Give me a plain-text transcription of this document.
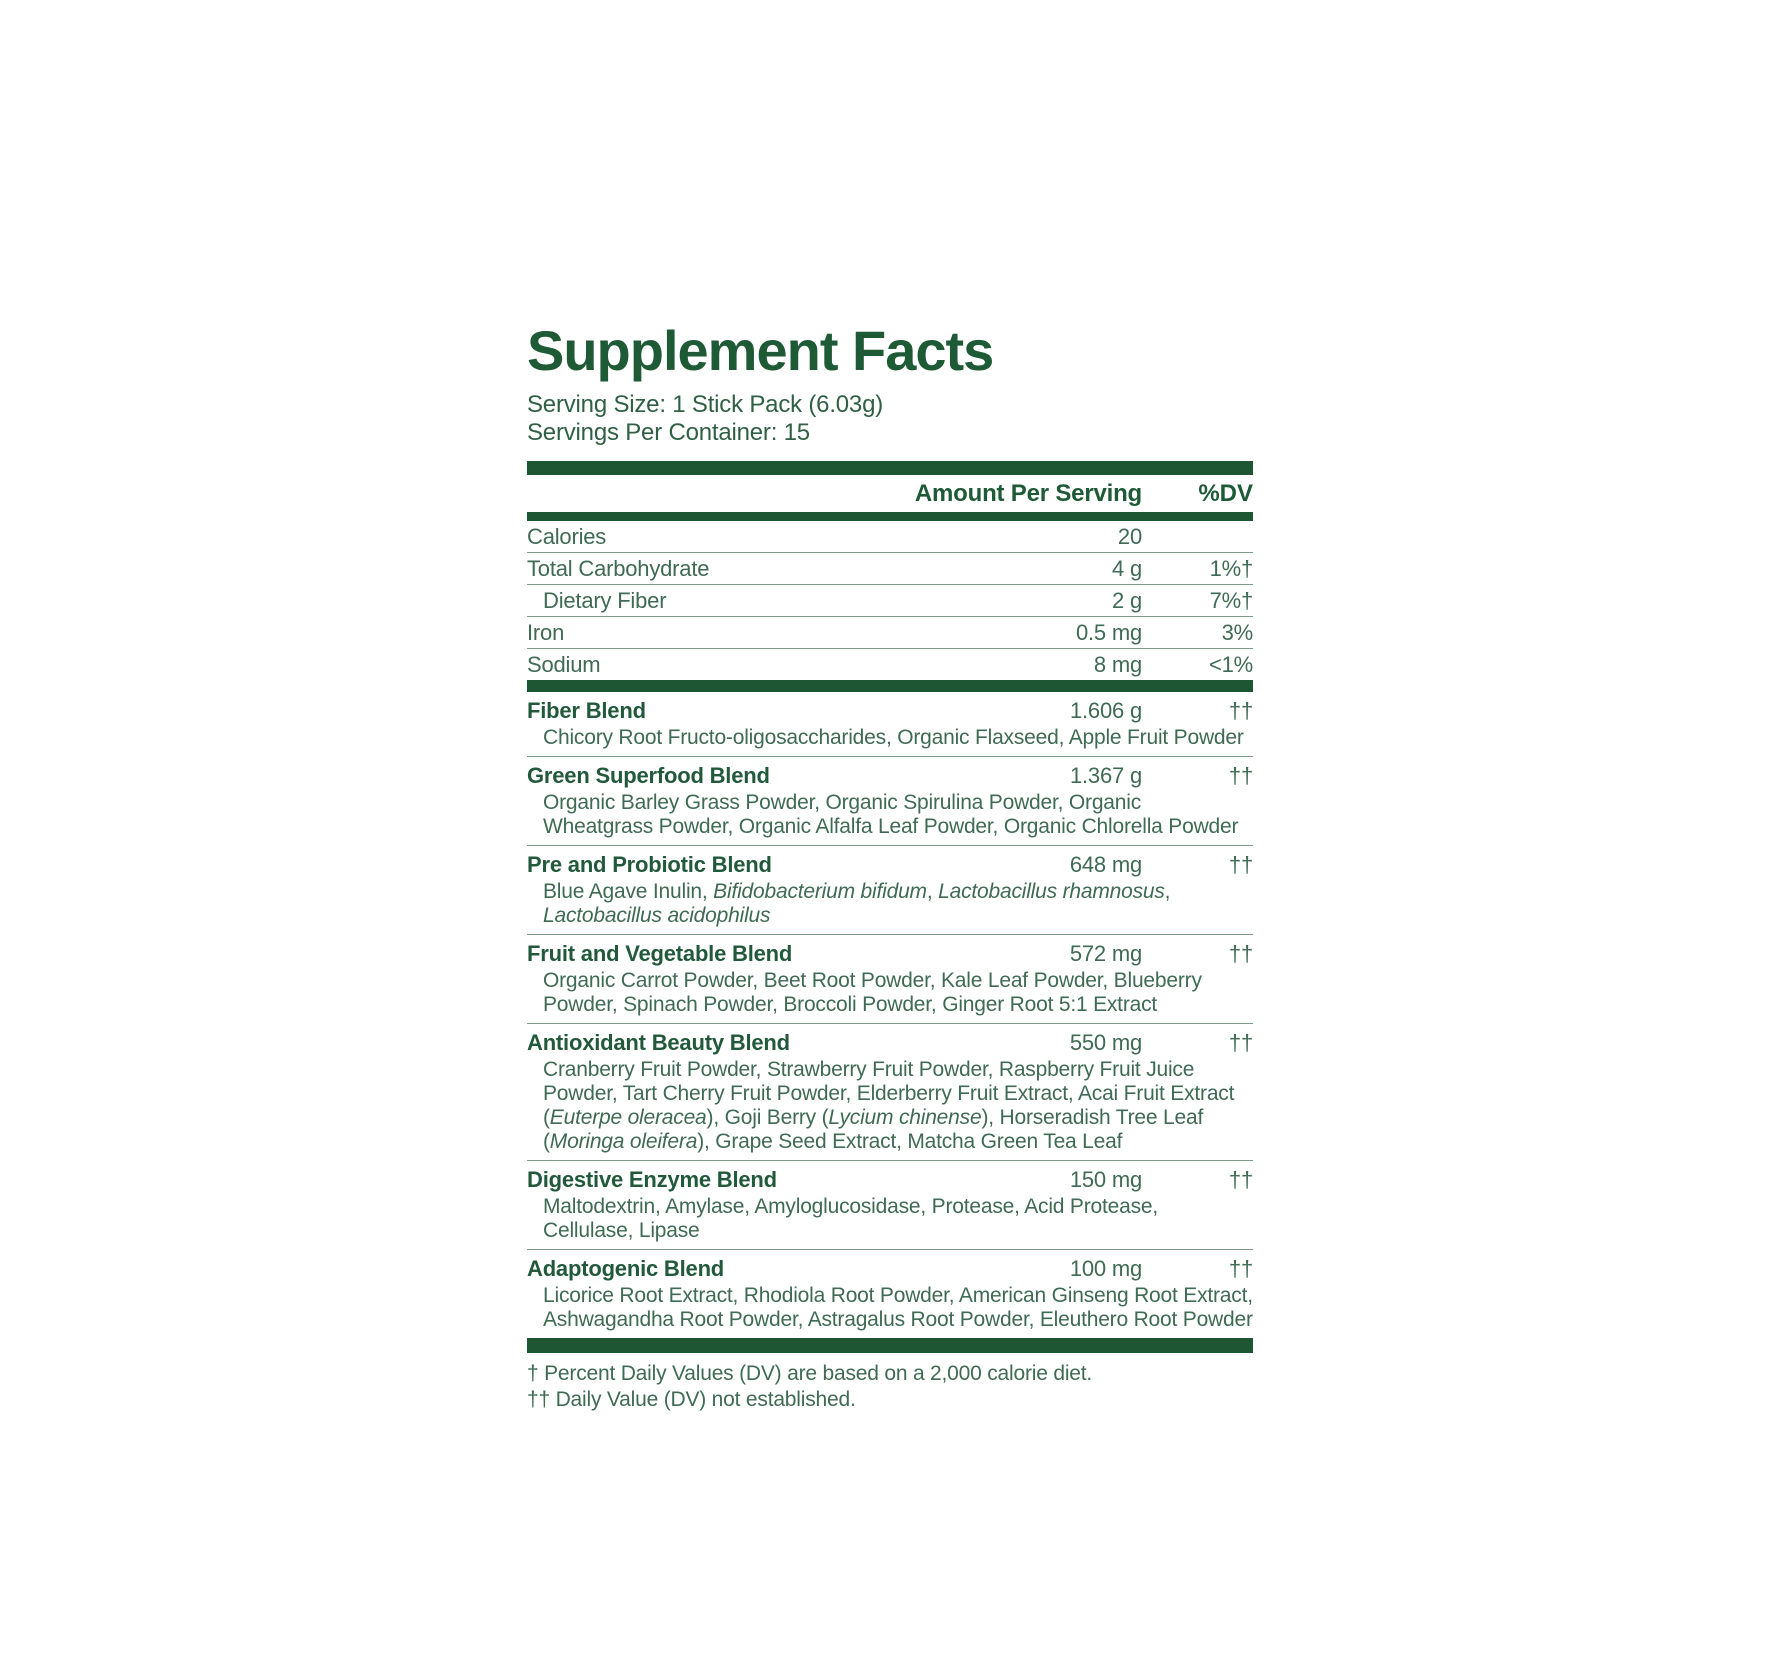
Supplement Facts
Serving Size: 1 Stick Pack (6.03g)
Servings Per Container: 15
Amount Per Serving	%DV
Calories	20
Total Carbohydrate	4 g	1%†
Dietary Fiber	2 g	7%†
Iron	0.5 mg	3%
Sodium	8 mg	<1%
Fiber Blend	1.606 g	††

Chicory Root Fructo-oligosaccharides, Organic Flaxseed, Apple Fruit Powder

Green Superfood Blend	1.367 g	††

Organic Barley Grass Powder, Organic Spirulina Powder, Organic Wheatgrass Powder, Organic Alfalfa Leaf Powder, Organic Chlorella Powder

Pre and Probiotic Blend	648 mg	††

Blue Agave Inulin, Bifidobacterium bifidum, Lactobacillus rhamnosus, Lactobacillus acidophilus

Fruit and Vegetable Blend	572 mg	††

Organic Carrot Powder, Beet Root Powder, Kale Leaf Powder, Blueberry Powder, Spinach Powder, Broccoli Powder, Ginger Root 5:1 Extract

Antioxidant Beauty Blend	550 mg	††

Cranberry Fruit Powder, Strawberry Fruit Powder, Raspberry Fruit Juice Powder, Tart Cherry Fruit Powder, Elderberry Fruit Extract, Acai Fruit Extract (Euterpe oleracea), Goji Berry (Lycium chinense), Horseradish Tree Leaf (Moringa oleifera), Grape Seed Extract, Matcha Green Tea Leaf

Digestive Enzyme Blend	150 mg	††

Maltodextrin, Amylase, Amyloglucosidase, Protease, Acid Protease, Cellulase, Lipase

Adaptogenic Blend	100 mg	††

Licorice Root Extract, Rhodiola Root Powder, American Ginseng Root Extract, Ashwagandha Root Powder, Astragalus Root Powder, Eleuthero Root Powder

† Percent Daily Values (DV) are based on a 2,000 calorie diet.
†† Daily Value (DV) not established.
